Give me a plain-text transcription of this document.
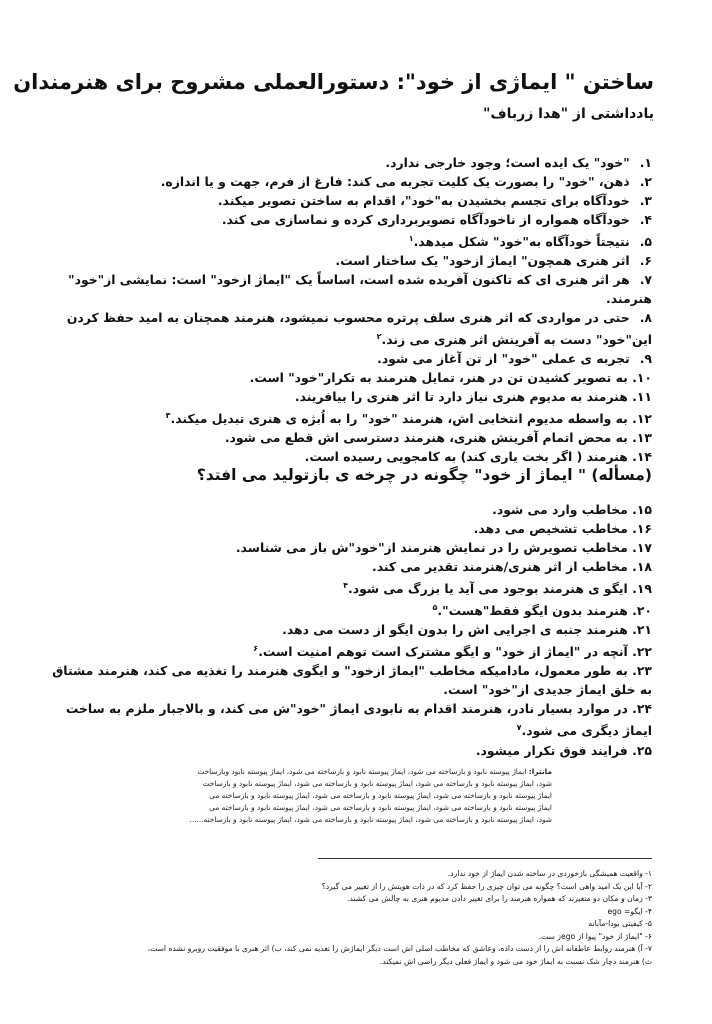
ساختن " ایماژی از خود": دستورالعملی مشروح برای هنرمندان
یادداشتی از "هدا زرباف"
۱. "خود" یک ایده است؛ وجود خارجی ندارد.
۲. ذهن، "خود" را بصورت یک کلیت تجربه می کند: فارغ از فرم، جهت و یا اندازه.
۳. خودآگاه برای تجسم بخشیدن به"خود"، اقدام به ساختن تصویر میکند.
۴. خودآگاه همواره از ناخودآگاه تصویربرداری کرده و نماسازی می کند.
۵. نتیجتاً خودآگاه به"خود" شکل میدهد.$^۱$
۶. اثر هنری همچون" ایماژ ازخود" یک ساختار است.
۷. هر اثر هنری ای که تاکنون آفریده شده است، اساساً یک "ایماژ ازخود" است: نمایشی از"خود" هنرمند.
۸. حتی در مواردی که اثر هنری سلف پرتره محسوب نمیشود، هنرمند همچنان به امید حفظ کردن این"خود" دست به آفرینش اثر هنری می زند.$^۲$
۹. تجربه ی عملی "خود" از تن آغاز می شود.
۱۰. به تصویر کشیدن تن در هنر، تمایل هنرمند به تکرار"خود" است.
۱۱. هنرمند به مدیوم هنری نیاز دارد تا اثر هنری را بیافریند.
۱۲. به واسطه مدیوم انتخابی اش، هنرمند "خود" را به اُبژه ی هنری تبدیل میکند.$^۳$
۱۳. به محض اتمام آفرینش هنری، هنرمند دسترسی اش قطع می شود.
۱۴. هنرمند ( اگر بخت یاری کند) به کامجویی رسیده است.
(مسأله) " ایماژ از خود" چگونه در چرخه ی بازتولید می افتد؟
۱۵. مخاطب وارد می شود.
۱۶. مخاطب تشخیص می دهد.
۱۷. مخاطب تصویرش را در نمایش هنرمند از"خود"ش باز می شناسد.
۱۸. مخاطب از اثر هنری/هنرمند تقدیر می کند.
۱۹. ایگو ی هنرمند بوجود می آید یا بزرگ می شود.$^۴$
۲۰. هنرمند بدون ایگو فقط"هست".$^۵$
۲۱. هنرمند جنبه ی اجرایی اش را بدون ایگو از دست می دهد.
۲۲. آنچه در "ایماژ از خود" و ایگو مشترک است توهم امنیت است.$^۶$
۲۳. به طور معمول، مادامیکه مخاطب "ایماژ ازخود" و ایگوی هنرمند را تغذیه می کند، هنرمند مشتاق به خلق ایماژ جدیدی از"خود" است.
۲۴. در موارد بسیار نادر، هنرمند اقدام به نابودی ایماژ "خود"ش می کند، و بالاجبار ملزم به ساخت ایماژ دیگری می شود.$^۷$
۲۵. فرایند فوق تکرار میشود.
مانترا: ایماژ پیوسته نابود و بازساخته می شود، ایماژ پیوسته نابود و بازساخته می شود، ایماژ پیوسته نابود وبازساخت
شود، ایماژ پیوسته نابود و بازساخته می شود، ایماژ پیوسته نابود و بازساخته می شود، ایماژ پیوسته نابود و بازساخت
ایماژ پیوسته نابود و بازساخته می شود، ایماژ پیوسته نابود و بازساخته می شود، ایماژ پیوسته نابود و بازساخته می
ایماژ پیوسته نابود و بازساخته می شود، ایماژ پیوسته نابود و بازساخته می شود، ایماژ پیوسته نابود و بازساخته می
شود، ایماژ پیوسته نابود و بازساخته می شود، ایماژ پیوسته نابود و بازساخته می شود، ایماژ پیوسته نابود و بازساخته......
۱- واقعیت همیشگی بازخوردی در ساخته شدن ایماژ از خود ندارد.
۲- آیا این یک امید واهی است؟ چگونه می توان چیزی را حفظ کرد که در ذات هویتش را از تغییر می گیرد؟
۳- زمان و مکان دو متغیرند که همواره هنرمند را برای تغییر دادن مدیوم هنری به چالش می کشند.
۴- ایگو= ego
۵- کیفیتی بودا-مآبانه
۶- "ایماژ از خود" پیوا از egoز ست.
۷- آ) هنرمند روابط عاطفانه اش را از دست داده، وعاشق که مخاطب اصلی اش است دیگر ایماژش را تغذیه نمی کند، ب) اثر هنری با موفقیت روبرو نشده است،
ث) هنرمند دچار شک نسبت به ایماژ خود می شود و ایماژ فعلی دیگر راضی اش نمیکند.
